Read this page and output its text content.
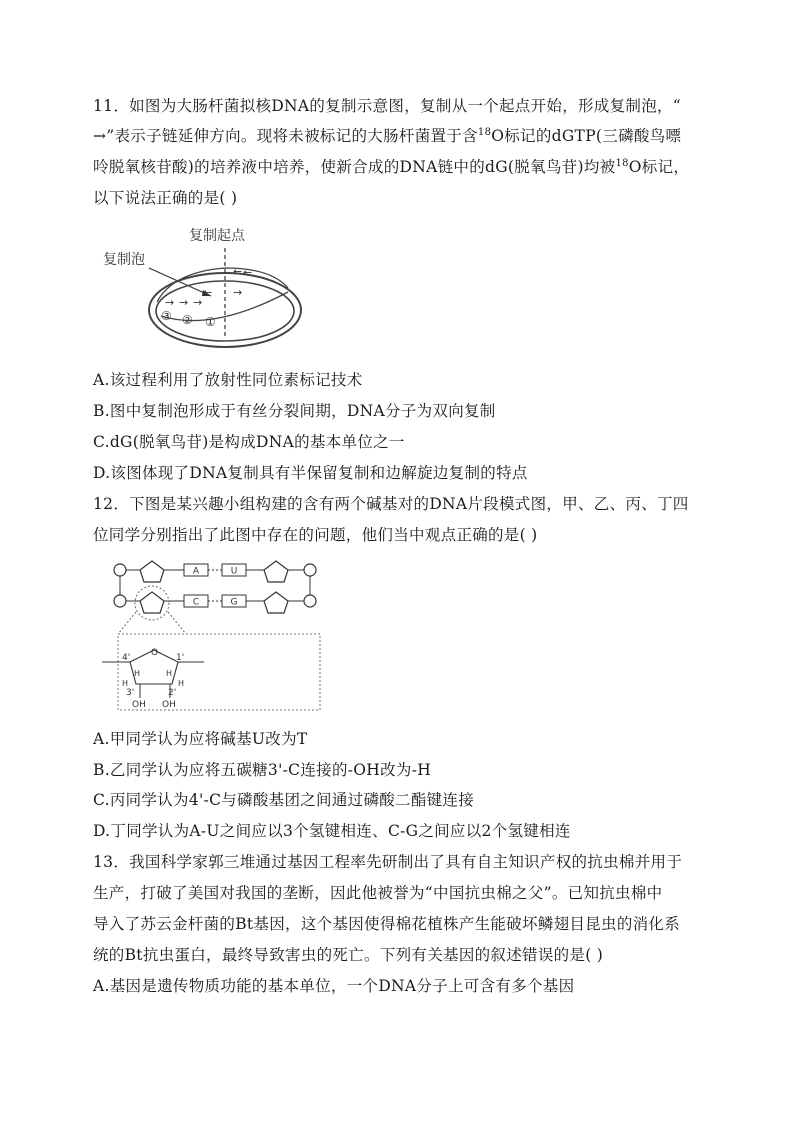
11．如图为大肠杆菌拟核DNA的复制示意图，复制从一个起点开始，形成复制泡，“
→”表示子链延伸方向。现将未被标记的大肠杆菌置于含$^{18}$O标记的dGTP(三磷酸鸟嘌
呤脱氧核苷酸)的培养液中培养，使新合成的DNA链中的dG(脱氧鸟苷)均被$^{18}$O标记，
以下说法正确的是( )
复制起点
复制泡
← ←
→
→ → →
←
③ ② ①
A.该过程利用了放射性同位素标记技术
B.图中复制泡形成于有丝分裂间期，DNA分子为双向复制
C.dG(脱氧鸟苷)是构成DNA的基本单位之一
D.该图体现了DNA复制具有半保留复制和边解旋边复制的特点
12．下图是某兴趣小组构建的含有两个碱基对的DNA片段模式图，甲、乙、丙、丁四
位同学分别指出了此图中存在的问题，他们当中观点正确的是( )
A	U
C	G
4' O 1'
H
H
H
H
3'	2'
OH OH
A.甲同学认为应将碱基U改为T
B.乙同学认为应将五碳糖3'-C连接的-OH改为-H
C.丙同学认为4'-C与磷酸基团之间通过磷酸二酯键连接
D.丁同学认为A-U之间应以3个氢键相连、C-G之间应以2个氢键相连
13．我国科学家郭三堆通过基因工程率先研制出了具有自主知识产权的抗虫棉并用于
生产，打破了美国对我国的垄断，因此他被誉为“中国抗虫棉之父”。已知抗虫棉中
导入了苏云金杆菌的Bt基因，这个基因使得棉花植株产生能破坏鳞翅目昆虫的消化系
统的Bt抗虫蛋白，最终导致害虫的死亡。下列有关基因的叙述错误的是( )
A.基因是遗传物质功能的基本单位，一个DNA分子上可含有多个基因
